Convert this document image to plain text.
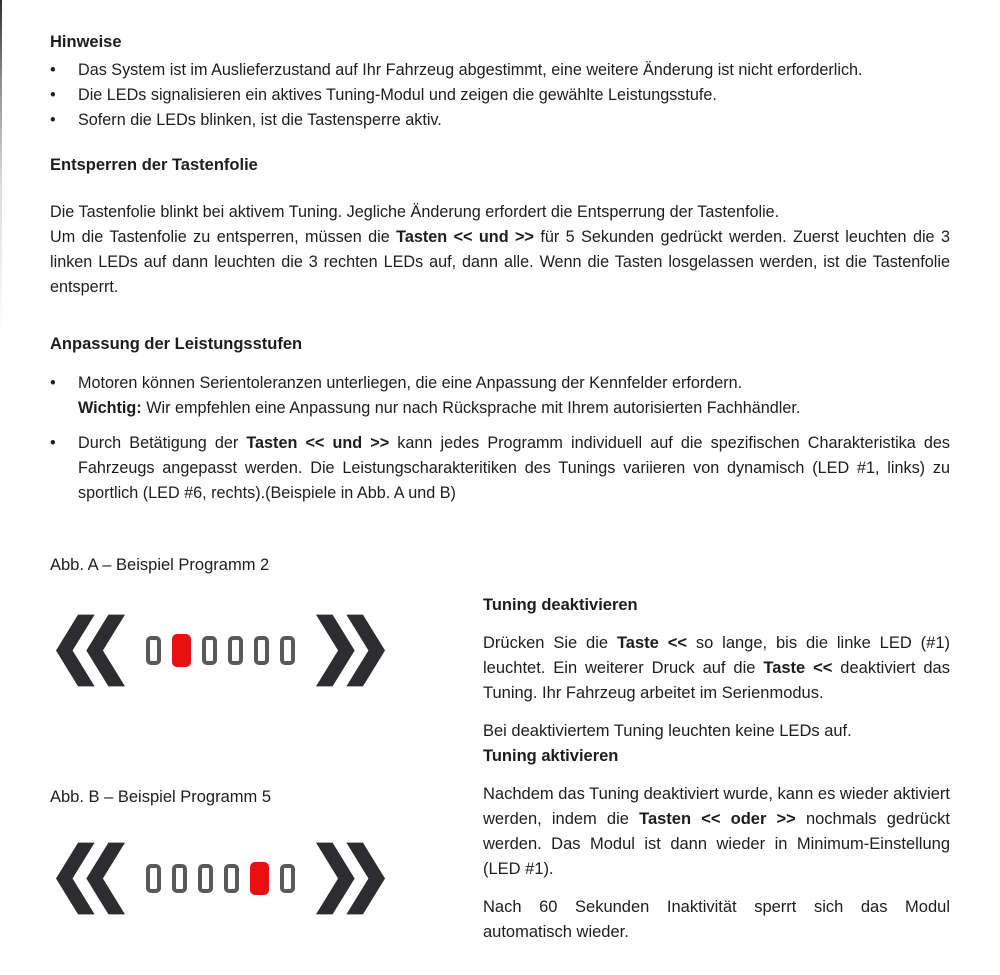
Hinweise
•	Das System ist im Auslieferzustand auf Ihr Fahrzeug abgestimmt, eine weitere Änderung ist nicht erforderlich.
•	Die LEDs signalisieren ein aktives Tuning-Modul und zeigen die gewählte Leistungsstufe.
•	Sofern die LEDs blinken, ist die Tastensperre aktiv.
Entsperren der Tastenfolie
Die Tastenfolie blinkt bei aktivem Tuning. Jegliche Änderung erfordert die Entsperrung der Tastenfolie.
Um die Tastenfolie zu entsperren, müssen die Tasten << und >> für 5 Sekunden gedrückt werden. Zuerst leuchten die 3 linken LEDs auf dann leuchten die 3 rechten LEDs auf, dann alle. Wenn die Tasten losgelassen werden, ist die Tastenfolie entsperrt.
Anpassung der Leistungsstufen
•	Motoren können Serientoleranzen unterliegen, die eine Anpassung der Kennfelder erfordern.
Wichtig: Wir empfehlen eine Anpassung nur nach Rücksprache mit Ihrem autorisierten Fachhändler.
•	Durch Betätigung der Tasten << und >> kann jedes Programm individuell auf die spezifischen Charakteristika des Fahrzeugs angepasst werden. Die Leistungscharakteritiken des Tunings variieren von dynamisch (LED #1, links) zu sportlich (LED #6, rechts).(Beispiele in Abb. A und B)
Abb. A – Beispiel Programm 2
Abb. B – Beispiel Programm 5
Tuning deaktivieren

Drücken Sie die Taste << so lange, bis die linke LED (#1) leuchtet. Ein weiterer Druck auf die Taste << deaktiviert das Tuning. Ihr Fahrzeug arbeitet im Serienmodus.

Bei deaktiviertem Tuning leuchten keine LEDs auf.

Tuning aktivieren

Nachdem das Tuning deaktiviert wurde, kann es wieder aktiviert werden, indem die Tasten << oder >> nochmals gedrückt werden. Das Modul ist dann wieder in Minimum-Einstellung (LED #1).

Nach 60 Sekunden Inaktivität sperrt sich das Modul automatisch wieder.
